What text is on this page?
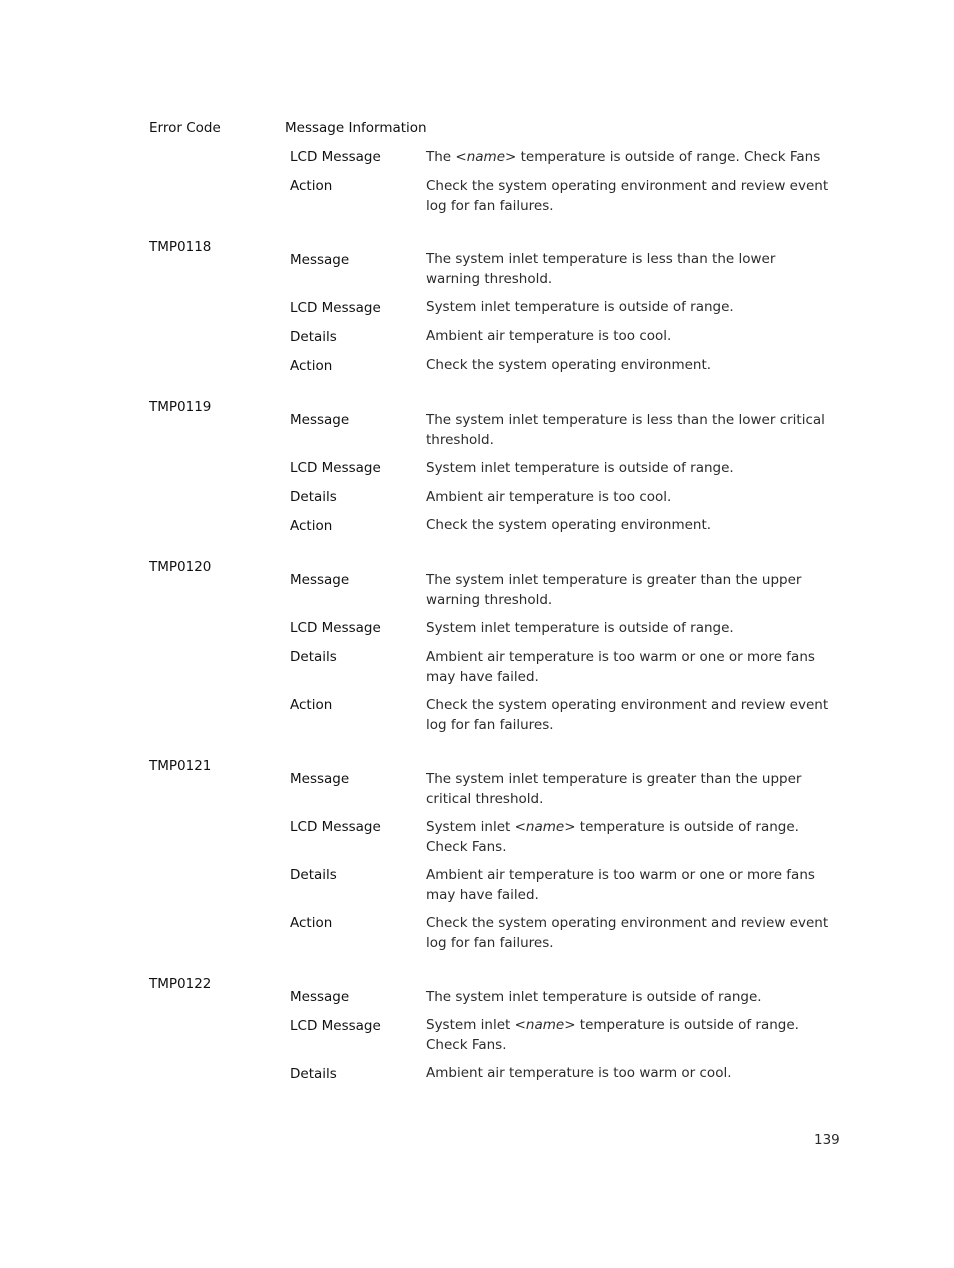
Error Code	Message Information
LCD Message	The <name> temperature is outside of range. Check Fans
Action	Check the system operating environment and review event log for fan failures.
TMP0118
Message	The system inlet temperature is less than the lower warning threshold.
LCD Message	System inlet temperature is outside of range.
Details	Ambient air temperature is too cool.
Action	Check the system operating environment.
TMP0119
Message	The system inlet temperature is less than the lower critical threshold.
LCD Message	System inlet temperature is outside of range.
Details	Ambient air temperature is too cool.
Action	Check the system operating environment.
TMP0120
Message	The system inlet temperature is greater than the upper warning threshold.
LCD Message	System inlet temperature is outside of range.
Details	Ambient air temperature is too warm or one or more fans may have failed.
Action	Check the system operating environment and review event log for fan failures.
TMP0121
Message	The system inlet temperature is greater than the upper critical threshold.
LCD Message	System inlet <name> temperature is outside of range. Check Fans.
Details	Ambient air temperature is too warm or one or more fans may have failed.
Action	Check the system operating environment and review event log for fan failures.
TMP0122
Message	The system inlet temperature is outside of range.
LCD Message	System inlet <name> temperature is outside of range. Check Fans.
Details	Ambient air temperature is too warm or cool.
139
